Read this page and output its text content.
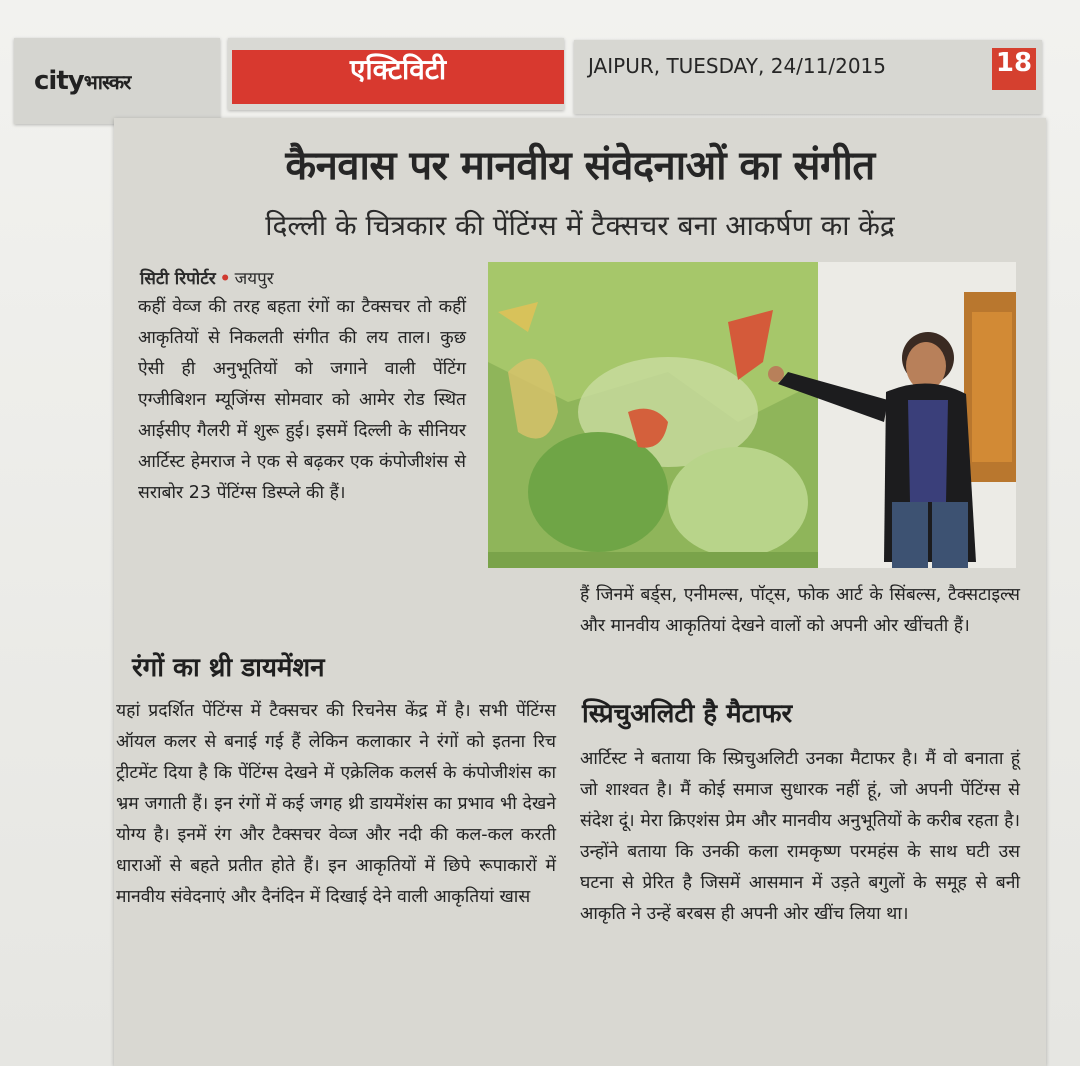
cityभास्कर	एक्टिविटी	JAIPUR, TUESDAY, 24/11/2015	18
कैनवास पर मानवीय संवेदनाओं का संगीत
दिल्ली के चित्रकार की पेंटिंग्स में टैक्सचर बना आकर्षण का केंद्र
सिटी रिपोर्टर • जयपुर

कहीं वेव्ज की तरह बहता रंगों का टैक्सचर तो कहीं आकृतियों से निकलती संगीत की लय ताल। कुछ ऐसी ही अनुभूतियों को जगाने वाली पेंटिंग एग्जीबिशन म्यूजिंग्स सोमवार को आमेर रोड स्थित आईसीए गैलरी में शुरू हुई। इसमें दिल्ली के सीनियर आर्टिस्ट हेमराज ने एक से बढ़कर एक कंपोजीशंस से सराबोर 23 पेंटिंग्स डिस्प्ले की हैं।

रंगों का थ्री डायमेंशन

यहां प्रदर्शित पेंटिंग्स में टैक्सचर की रिचनेस केंद्र में है। सभी पेंटिंग्स ऑयल कलर से बनाई गई हैं लेकिन कलाकार ने रंगों को इतना रिच ट्रीटमेंट दिया है कि पेंटिंग्स देखने में एक्रेलिक कलर्स के कंपोजीशंस का भ्रम जगाती हैं। इन रंगों में कई जगह थ्री डायमेंशंस का प्रभाव भी देखने योग्य है। इनमें रंग और टैक्सचर वेव्ज और नदी की कल-कल करती धाराओं से बहते प्रतीत होते हैं। इन आकृतियों में छिपे रूपाकारों में मानवीय संवेदनाएं और दैनंदिन में दिखाई देने वाली आकृतियां खास

हैं जिनमें बर्ड्स, एनीमल्स, पॉट्स, फोक आर्ट के सिंबल्स, टैक्सटाइल्स और मानवीय आकृतियां देखने वालों को अपनी ओर खींचती हैं।

स्प्रिचुअलिटी है मैटाफर

आर्टिस्ट ने बताया कि स्प्रिचुअलिटी उनका मैटाफर है। मैं वो बनाता हूं जो शाश्वत है। मैं कोई समाज सुधारक नहीं हूं, जो अपनी पेंटिंग्स से संदेश दूं। मेरा क्रिएशंस प्रेम और मानवीय अनुभूतियों के करीब रहता है। उन्होंने बताया कि उनकी कला रामकृष्ण परमहंस के साथ घटी उस घटना से प्रेरित है जिसमें आसमान में उड़ते बगुलों के समूह से बनी आकृति ने उन्हें बरबस ही अपनी ओर खींच लिया था।
